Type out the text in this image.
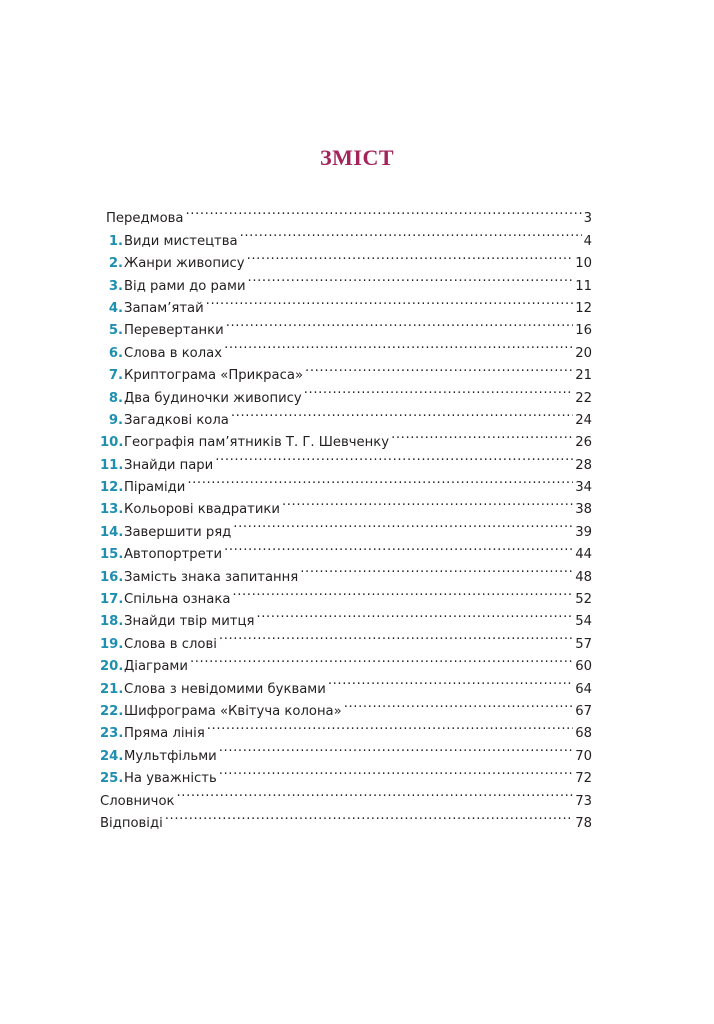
ЗМІСТ
Передмова .....	3
1. Види мистецтва .....	4
2. Жанри живопису .....	10
3. Від рами до рами .....	11
4. Запам’ятай .....	12
5. Перевертанки .....	16
6. Слова в колах .....	20
7. Криптограма «Прикраса» .....	21
8. Два будиночки живопису .....	22
9. Загадкові кола .....	24
10. Географія пам’ятників Т. Г. Шевченку .....	26
11. Знайди пари .....	28
12. Піраміди .....	34
13. Кольорові квадратики .....	38
14. Завершити ряд .....	39
15. Автопортрети .....	44
16. Замість знака запитання .....	48
17. Спільна ознака .....	52
18. Знайди твір митця .....	54
19. Слова в слові .....	57
20. Діаграми .....	60
21. Слова з невідомими буквами .....	64
22. Шифрограма «Квітуча колона» .....	67
23. Пряма лінія .....	68
24. Мультфільми .....	70
25. На уважність .....	72
Словничок .....	73
Відповіді .....	78
